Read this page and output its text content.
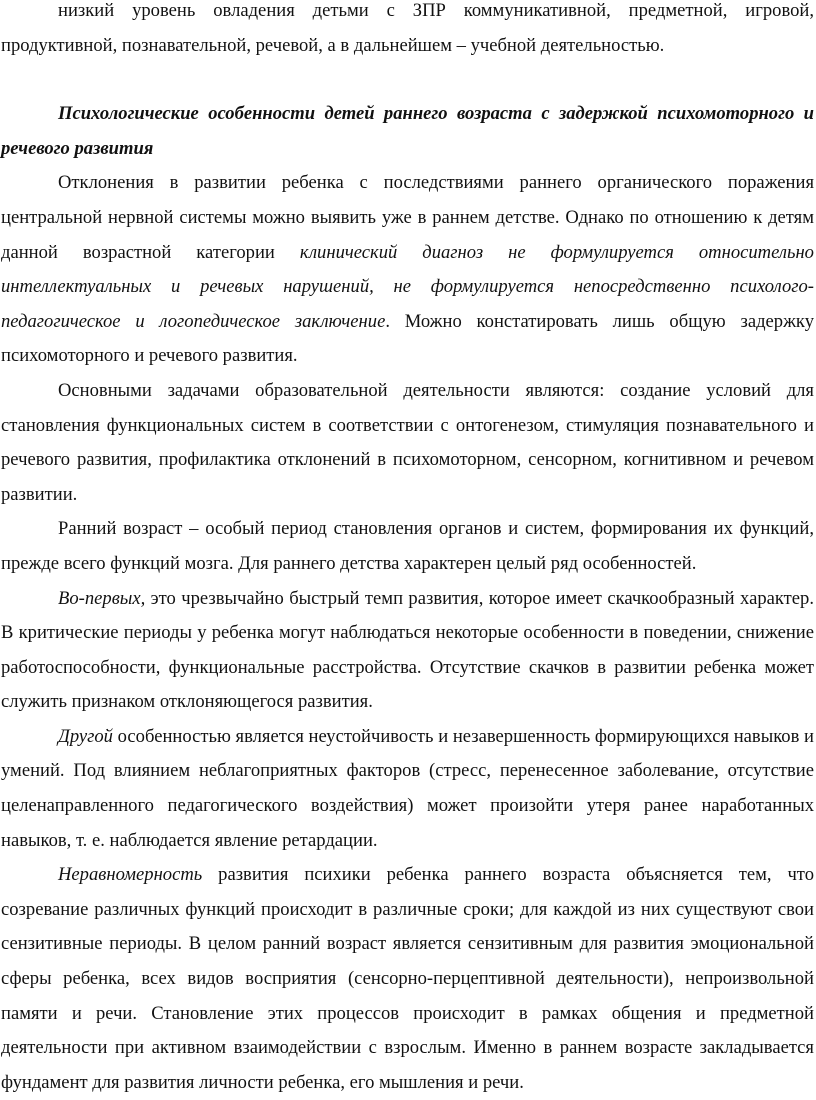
низкий уровень овладения детьми с ЗПР коммуникативной, предметной, игровой, продуктивной, познавательной, речевой, а в дальнейшем – учебной деятельностью.

Психологические особенности детей раннего возраста с задержкой психомоторного и речевого развития

Отклонения в развитии ребенка с последствиями раннего органического поражения центральной нервной системы можно выявить уже в раннем детстве. Однако по отношению к детям данной возрастной категории клинический диагноз не формулируется относительно интеллектуальных и речевых нарушений, не формулируется непосредственно психолого-педагогическое и логопедическое заключение. Можно констатировать лишь общую задержку психомоторного и речевого развития.

Основными задачами образовательной деятельности являются: создание условий для становления функциональных систем в соответствии с онтогенезом, стимуляция познавательного и речевого развития, профилактика отклонений в психомоторном, сенсорном, когнитивном и речевом развитии.

Ранний возраст – особый период становления органов и систем, формирования их функций, прежде всего функций мозга. Для раннего детства характерен целый ряд особенностей.

Во-первых, это чрезвычайно быстрый темп развития, которое имеет скачкообразный характер. В критические периоды у ребенка могут наблюдаться некоторые особенности в поведении, снижение работоспособности, функциональные расстройства. Отсутствие скачков в развитии ребенка может служить признаком отклоняющегося развития.

Другой особенностью является неустойчивость и незавершенность формирующихся навыков и умений. Под влиянием неблагоприятных факторов (стресс, перенесенное заболевание, отсутствие целенаправленного педагогического воздействия) может произойти утеря ранее наработанных навыков, т. е. наблюдается явление ретардации.

Неравномерность развития психики ребенка раннего возраста объясняется тем, что созревание различных функций происходит в различные сроки; для каждой из них существуют свои сензитивные периоды. В целом ранний возраст является сензитивным для развития эмоциональной сферы ребенка, всех видов восприятия (сенсорно-перцептивной деятельности), непроизвольной памяти и речи. Становление этих процессов происходит в рамках общения и предметной деятельности при активном взаимодействии с взрослым. Именно в раннем возрасте закладывается фундамент для развития личности ребенка, его мышления и речи.
